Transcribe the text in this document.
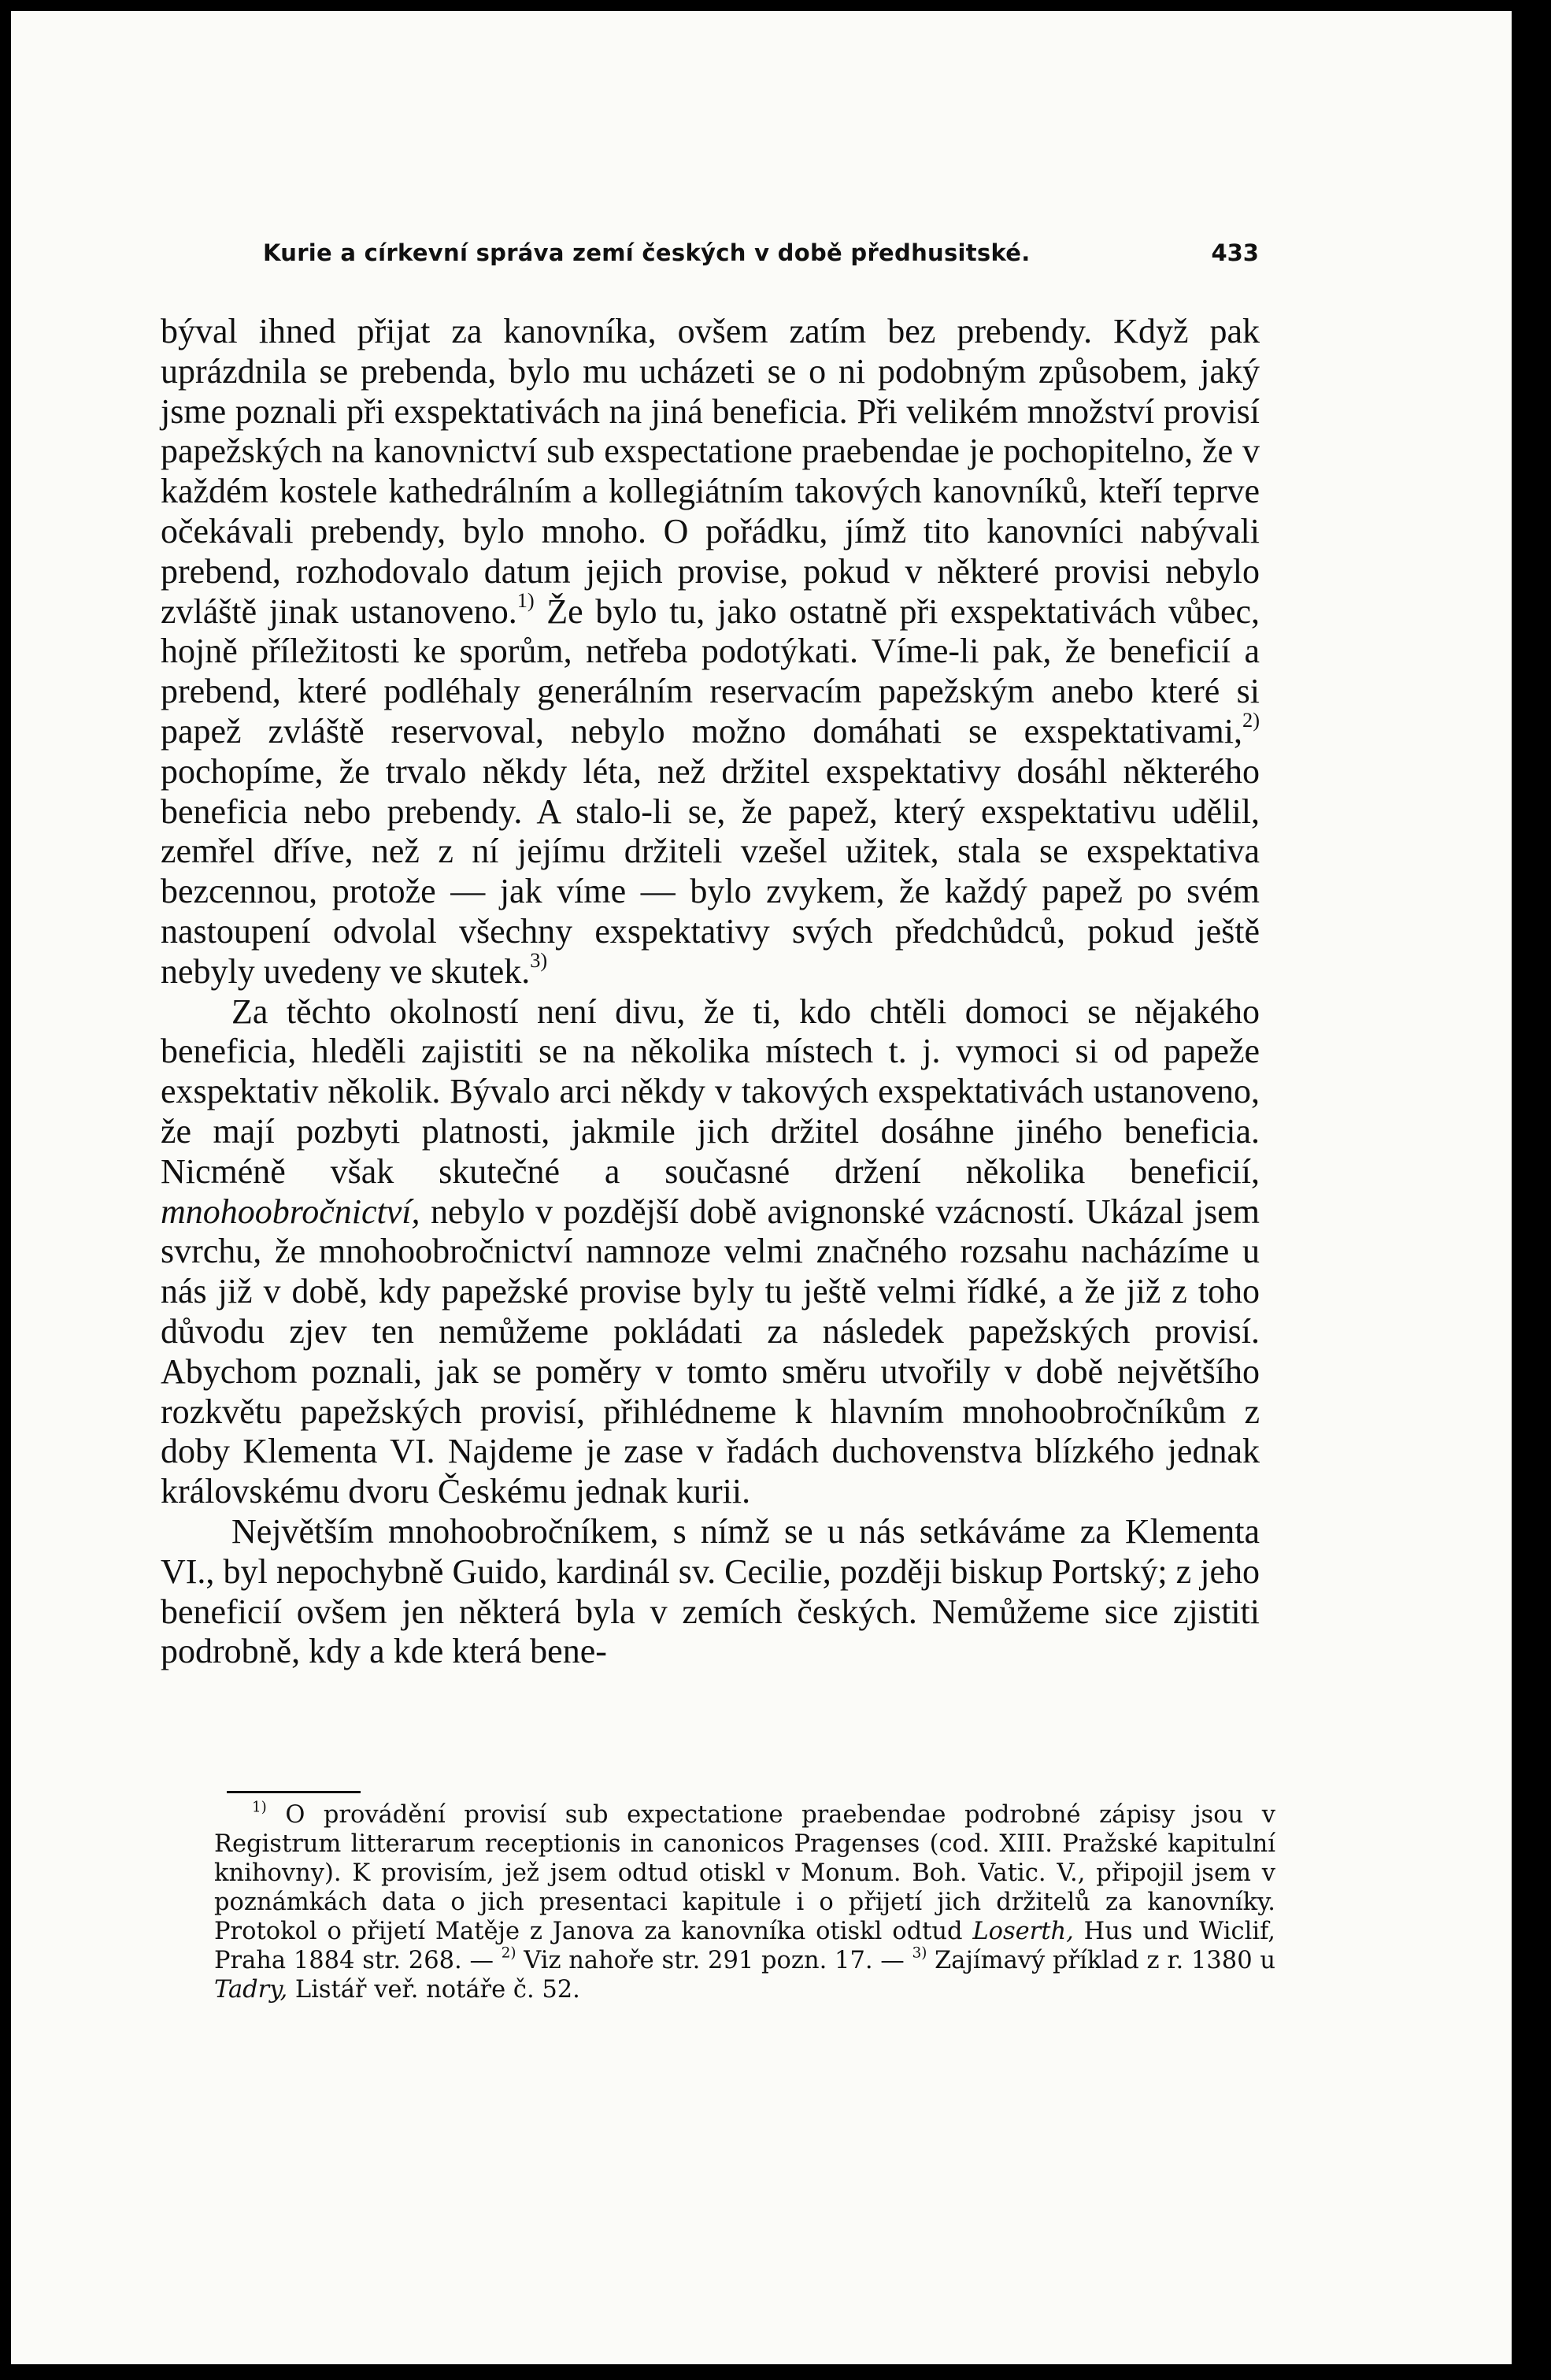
Kurie a církevní správa zemí českých v době předhusitské.	433

býval ihned přijat za kanovníka, ovšem zatím bez prebendy. Když pak uprázdnila se prebenda, bylo mu ucházeti se o ni podobným způsobem, jaký jsme poznali při exspektativách na jiná beneficia. Při velikém množství provisí papežských na kanovnictví sub exspectatione praebendae je pochopitelno, že v každém kostele kathedrálním a kollegiátním takových kanovníků, kteří teprve očekávali prebendy, bylo mnoho. O pořádku, jímž tito kanovníci nabývali prebend, rozhodovalo datum jejich provise, pokud v některé provisi nebylo zvláště jinak ustanoveno.$^{1)}$ Že bylo tu, jako ostatně při exspektativách vůbec, hojně příležitosti ke sporům, netřeba podotýkati. Víme-li pak, že beneficií a prebend, které podléhaly generálním reservacím papežským anebo které si papež zvláště reservoval, nebylo možno domáhati se exspektativami,$^{2)}$ pochopíme, že trvalo někdy léta, než držitel exspektativy dosáhl některého beneficia nebo prebendy. A stalo-li se, že papež, který exspektativu udělil, zemřel dříve, než z ní jejímu držiteli vzešel užitek, stala se exspektativa bezcennou, protože — jak víme — bylo zvykem, že každý papež po svém nastoupení odvolal všechny exspektativy svých předchůdců, pokud ještě nebyly uvedeny ve skutek.$^{3)}$

Za těchto okolností není divu, že ti, kdo chtěli domoci se nějakého beneficia, hleděli zajistiti se na několika místech t. j. vymoci si od papeže exspektativ několik. Bývalo arci někdy v takových exspektativách ustanoveno, že mají pozbyti platnosti, jakmile jich držitel dosáhne jiného beneficia. Nicméně však skutečné a současné držení několika beneficií, mnohoobročnictví, nebylo v pozdější době avignonské vzácností. Ukázal jsem svrchu, že mnohoobročnictví namnoze velmi značného rozsahu nacházíme u nás již v době, kdy papežské provise byly tu ještě velmi řídké, a že již z toho důvodu zjev ten nemůžeme pokládati za následek papežských provisí. Abychom poznali, jak se poměry v tomto směru utvořily v době největšího rozkvětu papežských provisí, přihlédneme k hlavním mnohoobročníkům z doby Klementa VI. Najdeme je zase v řadách duchovenstva blízkého jednak královskému dvoru Českému jednak kurii.

Největším mnohoobročníkem, s nímž se u nás setkáváme za Klementa VI., byl nepochybně Guido, kardinál sv. Cecilie, později biskup Portský; z jeho beneficií ovšem jen některá byla v zemích českých. Nemůžeme sice zjistiti podrobně, kdy a kde která bene-

$^{1)}$ O provádění provisí sub expectatione praebendae podrobné zápisy jsou v Registrum litterarum receptionis in canonicos Pragenses (cod. XIII. Pražské kapitulní knihovny). K provisím, jež jsem odtud otiskl v Monum. Boh. Vatic. V., připojil jsem v poznámkách data o jich presentaci kapitule i o přijetí jich držitelů za kanovníky. Protokol o přijetí Matěje z Janova za kanovníka otiskl odtud Loserth, Hus und Wiclif, Praha 1884 str. 268. — $^{2)}$ Viz nahoře str. 291 pozn. 17. — $^{3)}$ Zajímavý příklad z r. 1380 u Tadry, Listář veř. notáře č. 52.
